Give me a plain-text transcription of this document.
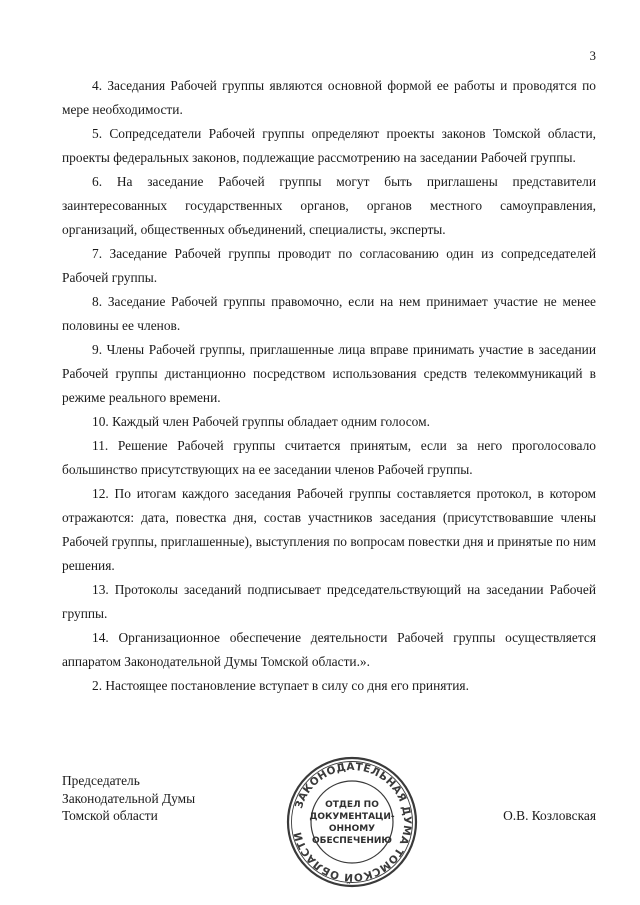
3

4. Заседания Рабочей группы являются основной формой ее работы и проводятся по мере необходимости.

5. Сопредседатели Рабочей группы определяют проекты законов Томской области, проекты федеральных законов, подлежащие рассмотрению на заседании Рабочей группы.

6. На заседание Рабочей группы могут быть приглашены представители заинтересованных государственных органов, органов местного самоуправления, организаций, общественных объединений, специалисты, эксперты.

7. Заседание Рабочей группы проводит по согласованию один из сопредседателей Рабочей группы.

8. Заседание Рабочей группы правомочно, если на нем принимает участие не менее половины ее членов.

9. Члены Рабочей группы, приглашенные лица вправе принимать участие в заседании Рабочей группы дистанционно посредством использования средств телекоммуникаций в режиме реального времени.

10. Каждый член Рабочей группы обладает одним голосом.

11. Решение Рабочей группы считается принятым, если за него проголосовало большинство присутствующих на ее заседании членов Рабочей группы.

12. По итогам каждого заседания Рабочей группы составляется протокол, в котором отражаются: дата, повестка дня, состав участников заседания (присутствовавшие члены Рабочей группы, приглашенные), выступления по вопросам повестки дня и принятые по ним решения.

13. Протоколы заседаний подписывает председательствующий на заседании Рабочей группы.

14. Организационное обеспечение деятельности Рабочей группы осуществляется аппаратом Законодательной Думы Томской области.».

2. Настоящее постановление вступает в силу со дня его принятия.

Председатель
Законодательной Думы
Томской области
ЗАКОНОДАТЕЛЬНАЯ ДУМА ТОМСКОЙ ОБЛАСТИ
ОТДЕЛ ПО
ДОКУМЕНТАЦИ-
ОННОМУ
ОБЕСПЕЧЕНИЮ
О.В. Козловская
